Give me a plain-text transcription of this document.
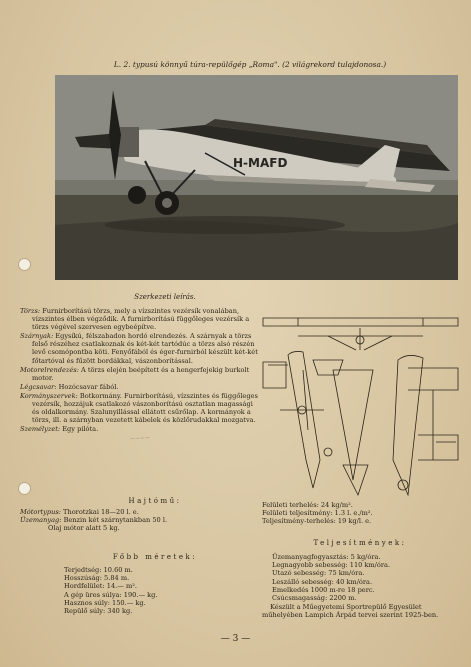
L. 2. typusú könnyű túra-repülőgép „Roma". (2 világrekord tulajdonosa.)
H-MAFD
Szerkezeti leírás.

Törzs: Furnirborítású törzs, mely a vízszintes vezérsík vonalában, vízszintes élben végződik. A furnirborítású függőleges vezérsík a törzs végével szervesen egybeépítve.

Szárnyak: Egysíkú, félszabadon hordó elrendezés. A szárnyak a törzs felső részéhez csatlakoznak és két-két tartódúc a törzs alsó részén levő csomópontba köti. Fenyőfából és éger-furnirból készült két-két főtartóval és fűzött bordákkal, vászonborítással.

Motorelrendezés: A törzs elején beépített és a hengerfejekig burkolt motor.

Légcsavar: Hozócsavar fából.

Kormányszervek: Botkormány. Furnirborítású, vízszintes és függőleges vezérsík, hozzájuk csatlakozó vászonborítású osztatlan magassági és oldalkormány. Szalunyillással ellátott csűrőlap. A kormányok a törzs, ill. a szárnyban vezetett kábelek és közlőrudakkal mozgatva.

Személyzet: Egy pilóta.

~~~~
Hajtómű:
Mótortypus: Thorotzkai 18—20 l. e.
Üzemanyag: Benzin két szárnytankban 50 l.
Olaj mótor alatt 5 kg.
Felületi terhelés: 24 kg/m².
Felületi teljesítmény: 1.3 l. e./m².
Teljesítmény-terhelés: 19 kg/l. e.
Főbb méretek:
Terjedtség: 10.60 m.
Hosszúság: 5.84 m.
Hordfelület: 14.— m².
A gép üres súlya: 190.— kg.
Hasznos súly: 150.— kg.
Repülő súly: 340 kg.
Teljesítmények:
Üzemanyagfogyasztás: 5 kg/óra.
Legnagyobb sebesség: 110 km/óra.
Utazó sebesség: 75 km/óra.
Leszálló sebesség: 40 km/óra.
Emelkedés 1000 m-re 18 perc.
Csúcsmagasság: 2200 m.
Készült a Műegyetemi Sportrepülő Egyesület műhelyében Lampich Árpád tervei szerint 1925-ben.
— 3 —
